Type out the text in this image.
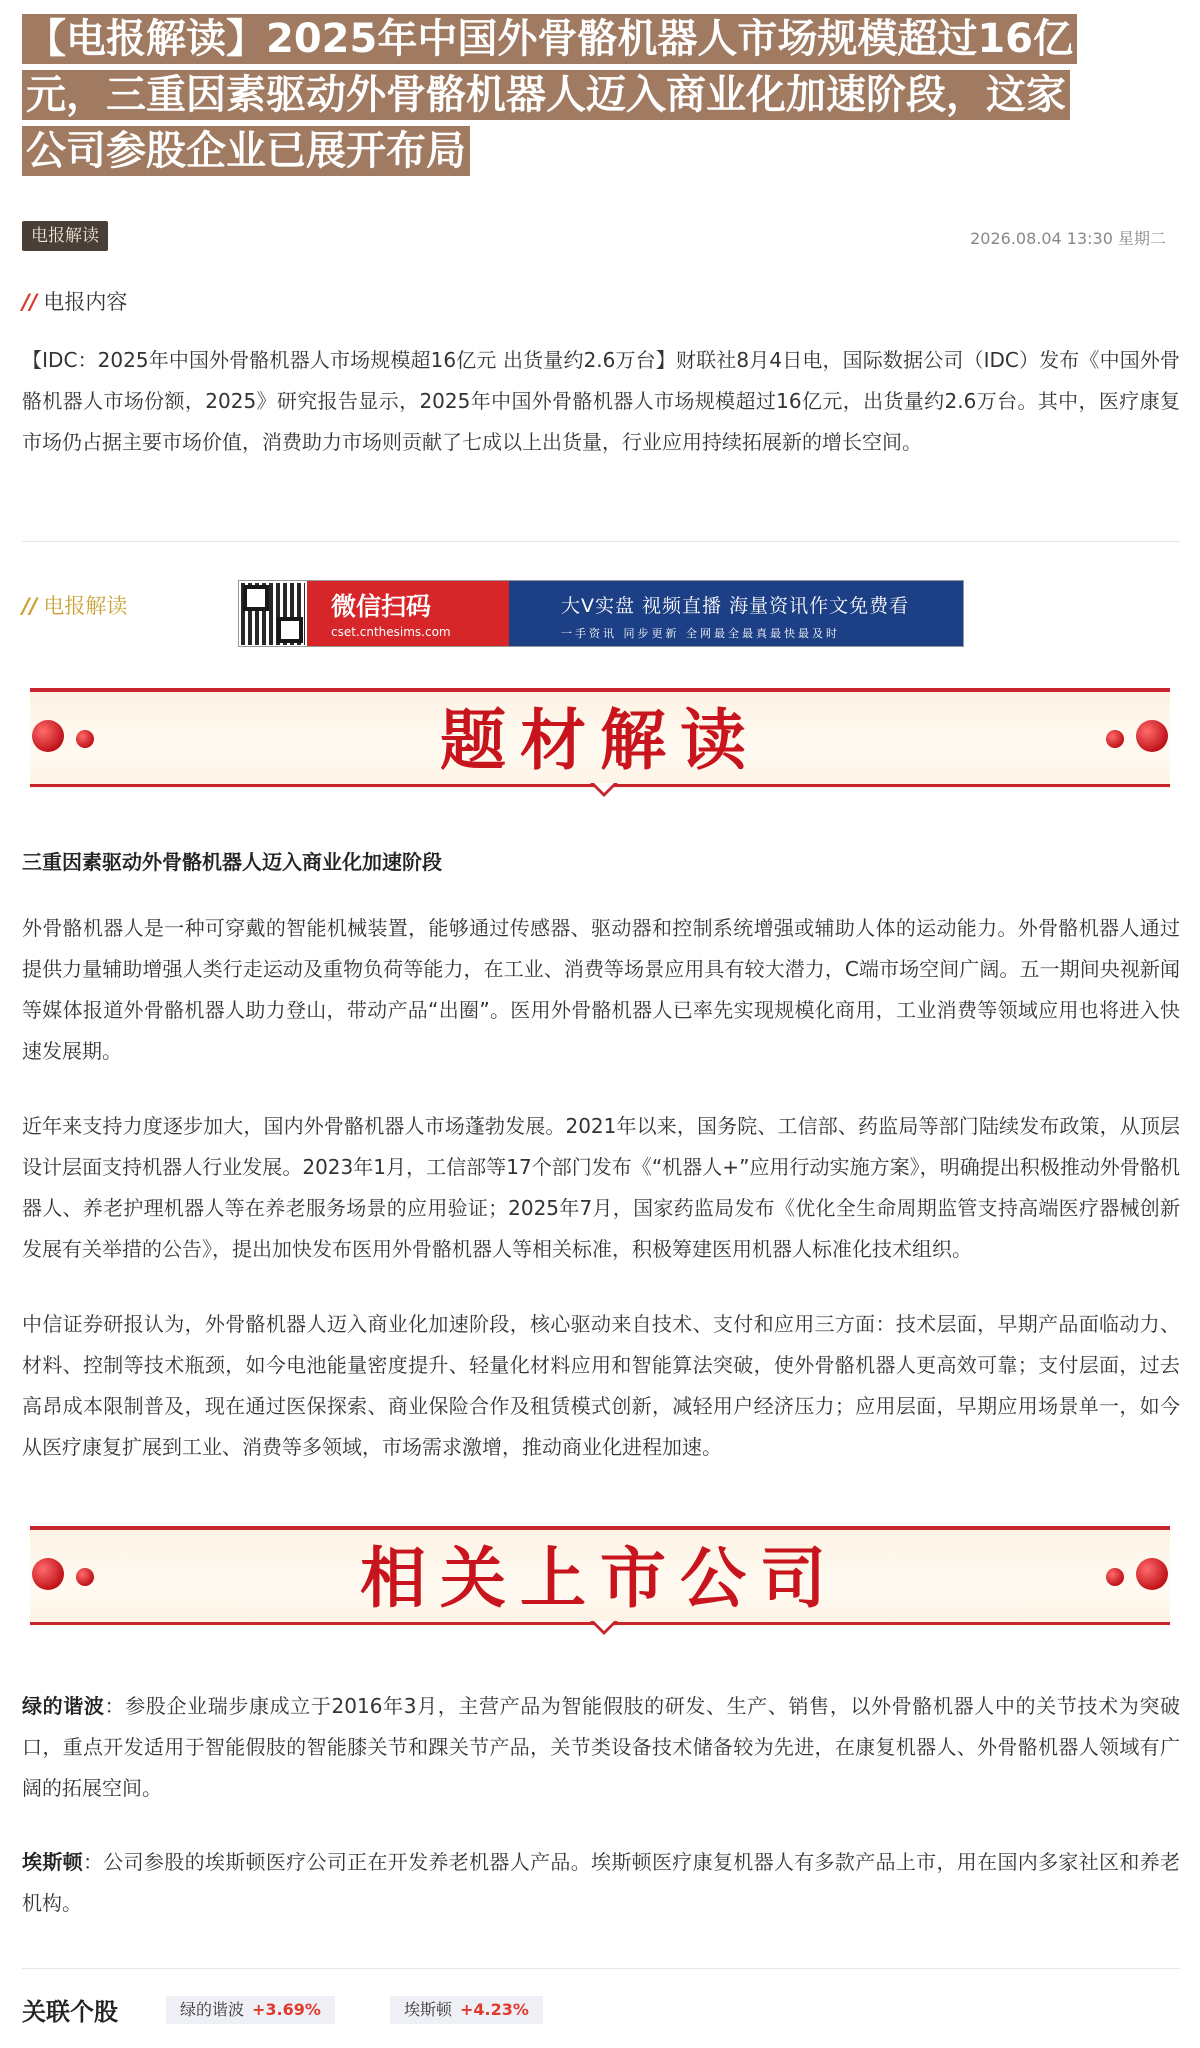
【电报解读】2025年中国外骨骼机器人市场规模超过16亿
元，三重因素驱动外骨骼机器人迈入商业化加速阶段，这家
公司参股企业已展开布局
电报解读	2026.08.04 13:30 星期二
// 电报内容
【IDC：2025年中国外骨骼机器人市场规模超16亿元 出货量约2.6万台】财联社8月4日电，国际数据公司（IDC）发布《中国外骨骼机器人市场份额，2025》研究报告显示，2025年中国外骨骼机器人市场规模超过16亿元，出货量约2.6万台。其中，医疗康复市场仍占据主要市场价值，消费助力市场则贡献了七成以上出货量，行业应用持续拓展新的增长空间。
// 电报解读	微信扫码
cset.cnthesims.com
大V实盘 视频直播 海量资讯作文免费看
一手资讯 同步更新 全网最全最真最快最及时
题材解读
三重因素驱动外骨骼机器人迈入商业化加速阶段
外骨骼机器人是一种可穿戴的智能机械装置，能够通过传感器、驱动器和控制系统增强或辅助人体的运动能力。外骨骼机器人通过提供力量辅助增强人类行走运动及重物负荷等能力，在工业、消费等场景应用具有较大潜力，C端市场空间广阔。五一期间央视新闻等媒体报道外骨骼机器人助力登山，带动产品“出圈”。医用外骨骼机器人已率先实现规模化商用，工业消费等领域应用也将进入快速发展期。
近年来支持力度逐步加大，国内外骨骼机器人市场蓬勃发展。2021年以来，国务院、工信部、药监局等部门陆续发布政策，从顶层设计层面支持机器人行业发展。2023年1月，工信部等17个部门发布《“机器人+”应用行动实施方案》，明确提出积极推动外骨骼机器人、养老护理机器人等在养老服务场景的应用验证；2025年7月，国家药监局发布《优化全生命周期监管支持高端医疗器械创新发展有关举措的公告》，提出加快发布医用外骨骼机器人等相关标准，积极筹建医用机器人标准化技术组织。
中信证券研报认为，外骨骼机器人迈入商业化加速阶段，核心驱动来自技术、支付和应用三方面：技术层面，早期产品面临动力、材料、控制等技术瓶颈，如今电池能量密度提升、轻量化材料应用和智能算法突破，使外骨骼机器人更高效可靠；支付层面，过去高昂成本限制普及，现在通过医保探索、商业保险合作及租赁模式创新，减轻用户经济压力；应用层面，早期应用场景单一，如今从医疗康复扩展到工业、消费等多领域，市场需求激增，推动商业化进程加速。
相关上市公司
绿的谐波：参股企业瑞步康成立于2016年3月，主营产品为智能假肢的研发、生产、销售，以外骨骼机器人中的关节技术为突破口，重点开发适用于智能假肢的智能膝关节和踝关节产品，关节类设备技术储备较为先进，在康复机器人、外骨骼机器人领域有广阔的拓展空间。
埃斯顿：公司参股的埃斯顿医疗公司正在开发养老机器人产品。埃斯顿医疗康复机器人有多款产品上市，用在国内多家社区和养老机构。
关联个股	绿的谐波 +3.69%	埃斯顿 +4.23%
